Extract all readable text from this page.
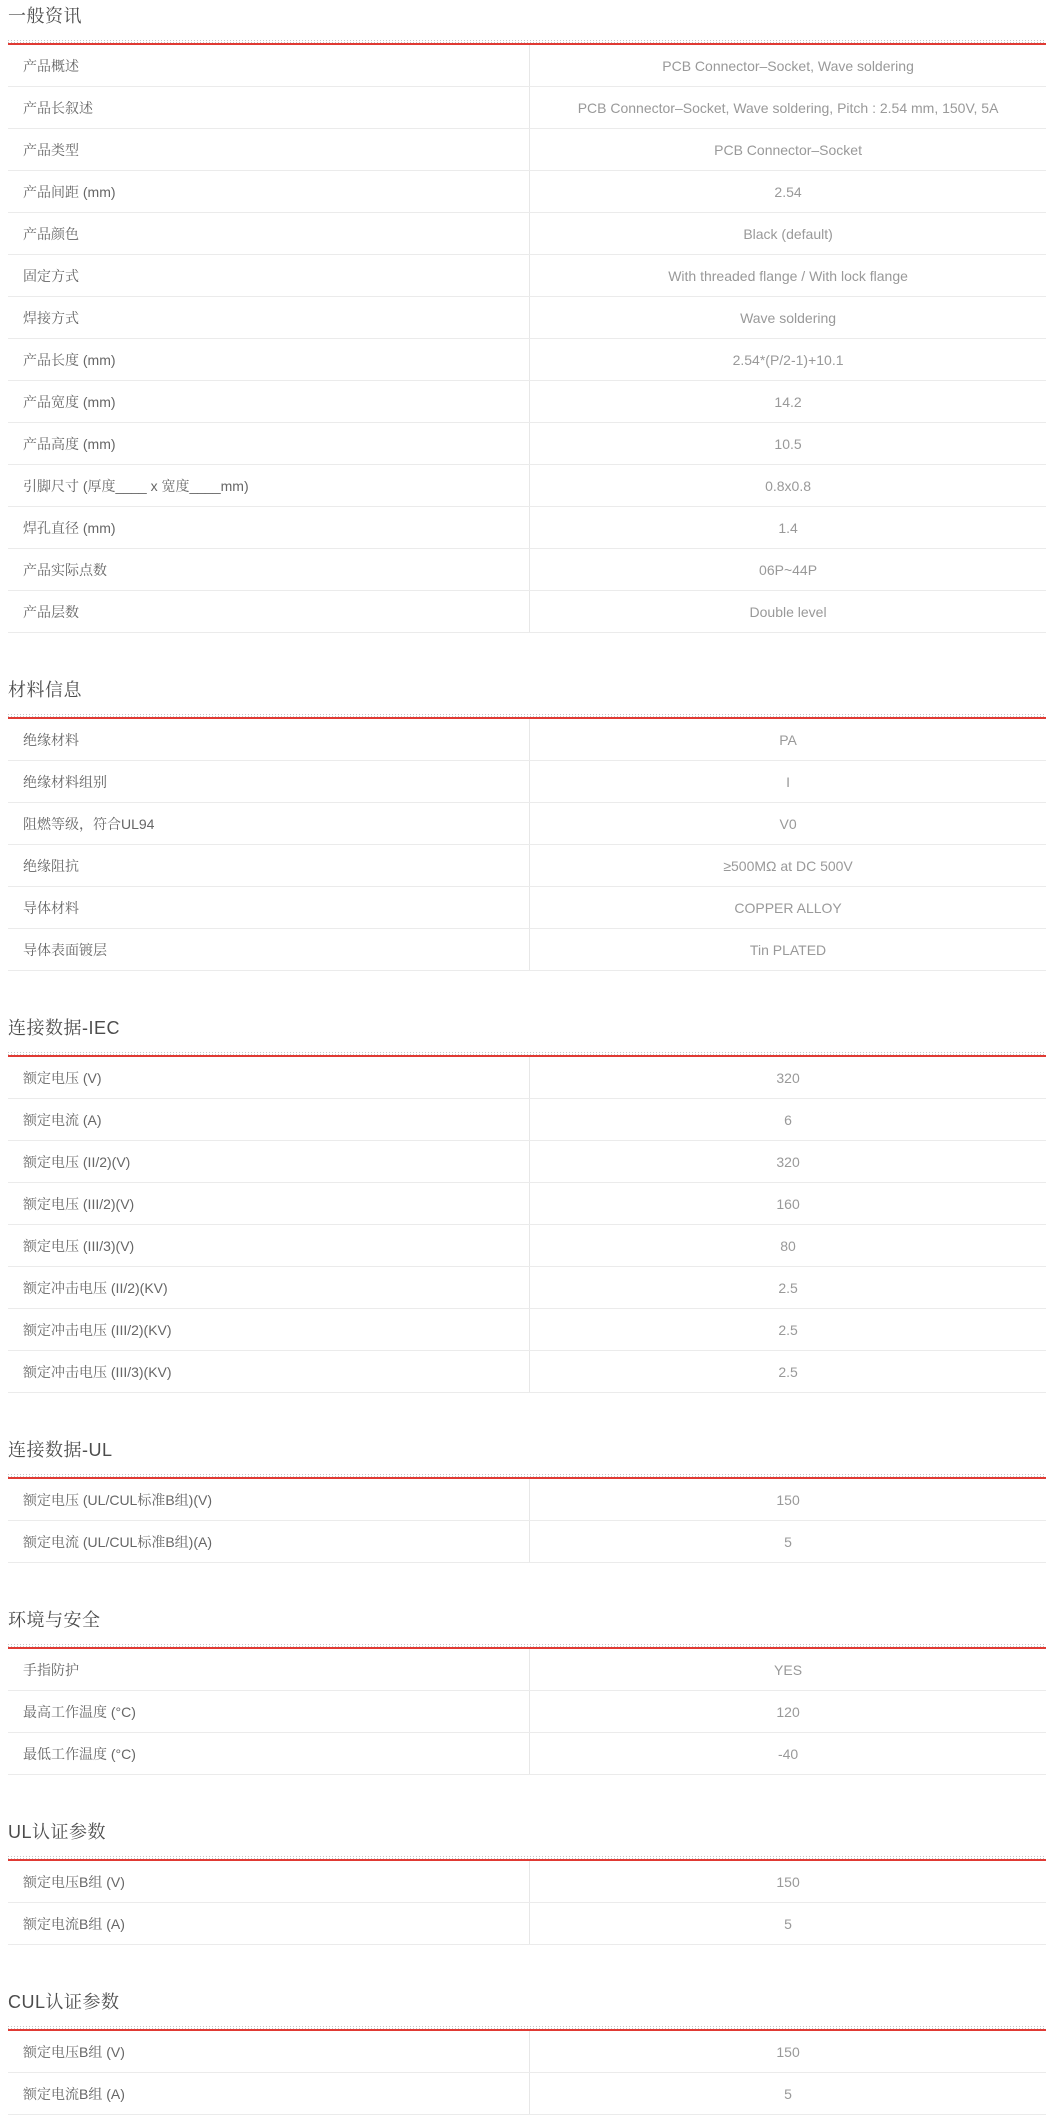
一般资讯
产品概述	PCB Connector–Socket, Wave soldering
产品长叙述	PCB Connector–Socket, Wave soldering, Pitch : 2.54 mm, 150V, 5A
产品类型	PCB Connector–Socket
产品间距 (mm)	2.54
产品颜色	Black (default)
固定方式	With threaded flange / With lock flange
焊接方式	Wave soldering
产品长度 (mm)	2.54*(P/2-1)+10.1
产品宽度 (mm)	14.2
产品高度 (mm)	10.5
引脚尺寸 (厚度____ x 宽度____mm)	0.8x0.8
焊孔直径 (mm)	1.4
产品实际点数	06P~44P
产品层数	Double level
材料信息
绝缘材料	PA
绝缘材料组别	I
阻燃等级，符合UL94	V0
绝缘阻抗	≥500MΩ at DC 500V
导体材料	COPPER ALLOY
导体表面镀层	Tin PLATED
连接数据-IEC
额定电压 (V)	320
额定电流 (A)	6
额定电压 (II/2)(V)	320
额定电压 (III/2)(V)	160
额定电压 (III/3)(V)	80
额定冲击电压 (II/2)(KV)	2.5
额定冲击电压 (III/2)(KV)	2.5
额定冲击电压 (III/3)(KV)	2.5
连接数据-UL
额定电压 (UL/CUL标准B组)(V)	150
额定电流 (UL/CUL标准B组)(A)	5
环境与安全
手指防护	YES
最高工作温度 (°C)	120
最低工作温度 (°C)	-40
UL认证参数
额定电压B组 (V)	150
额定电流B组 (A)	5
CUL认证参数
额定电压B组 (V)	150
额定电流B组 (A)	5
